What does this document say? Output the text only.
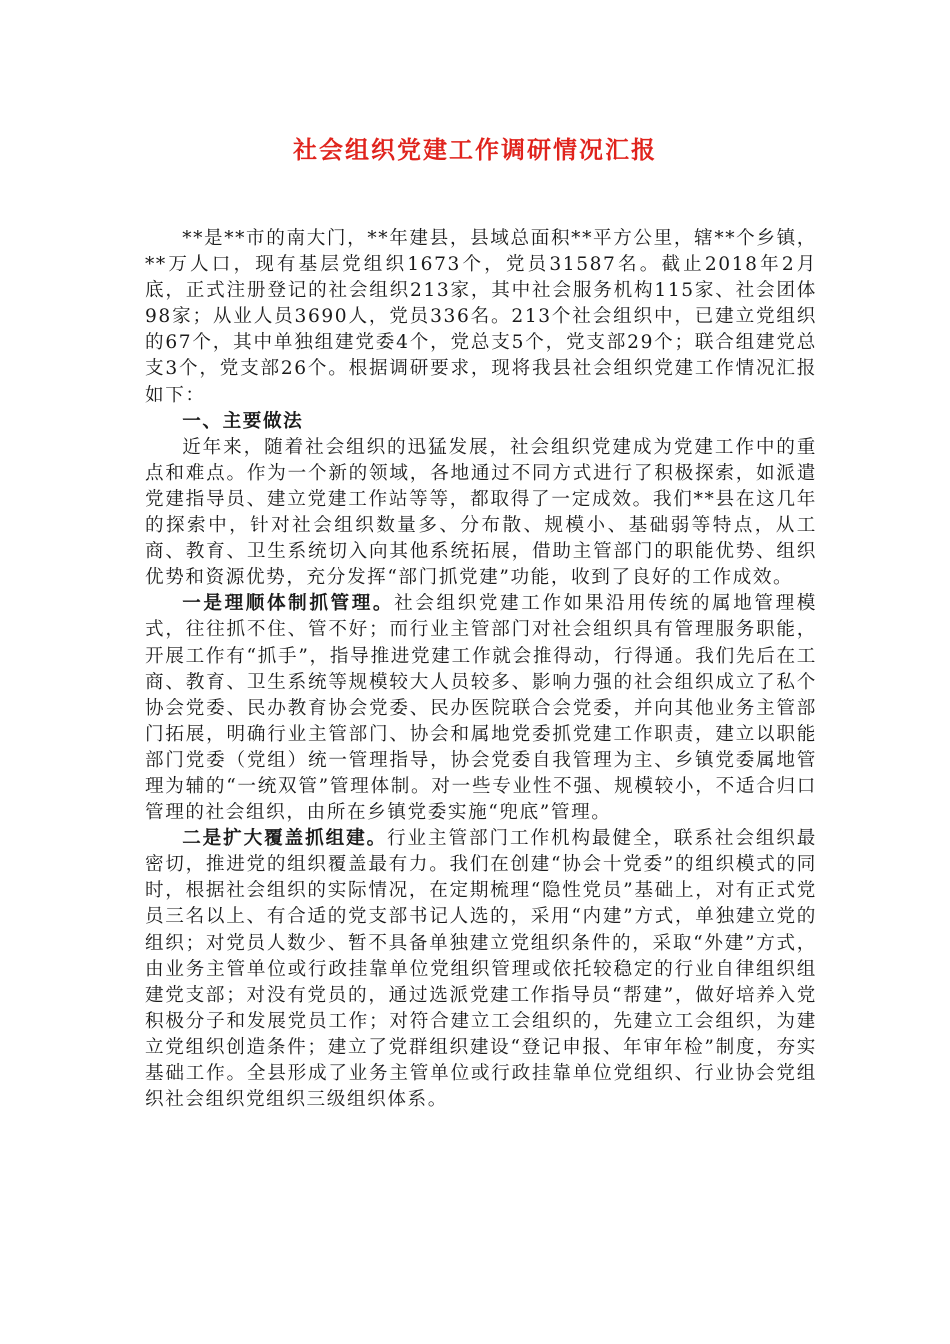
社会组织党建工作调研情况汇报

**是**市的南大门，**年建县，县域总面积**平方公里，辖**个乡镇，**万人口，现有基层党组织1673个，党员31587名。截止2018年2月底，正式注册登记的社会组织213家，其中社会服务机构115家、社会团体98家；从业人员3690人，党员336名。213个社会组织中，已建立党组织的67个，其中单独组建党委4个，党总支5个，党支部29个；联合组建党总支3个，党支部26个。根据调研要求，现将我县社会组织党建工作情况汇报如下：

一、主要做法

近年来，随着社会组织的迅猛发展，社会组织党建成为党建工作中的重点和难点。作为一个新的领域，各地通过不同方式进行了积极探索，如派遣党建指导员、建立党建工作站等等，都取得了一定成效。我们**县在这几年的探索中，针对社会组织数量多、分布散、规模小、基础弱等特点，从工商、教育、卫生系统切入向其他系统拓展，借助主管部门的职能优势、组织优势和资源优势，充分发挥“部门抓党建”功能，收到了良好的工作成效。

一是理顺体制抓管理。社会组织党建工作如果沿用传统的属地管理模式，往往抓不住、管不好；而行业主管部门对社会组织具有管理服务职能，开展工作有“抓手”，指导推进党建工作就会推得动，行得通。我们先后在工商、教育、卫生系统等规模较大人员较多、影响力强的社会组织成立了私个协会党委、民办教育协会党委、民办医院联合会党委，并向其他业务主管部门拓展，明确行业主管部门、协会和属地党委抓党建工作职责，建立以职能部门党委（党组）统一管理指导，协会党委自我管理为主、乡镇党委属地管理为辅的“一统双管”管理体制。对一些专业性不强、规模较小，不适合归口管理的社会组织，由所在乡镇党委实施“兜底”管理。

二是扩大覆盖抓组建。行业主管部门工作机构最健全，联系社会组织最密切，推进党的组织覆盖最有力。我们在创建“协会十党委”的组织模式的同时，根据社会组织的实际情况，在定期梳理“隐性党员”基础上，对有正式党员三名以上、有合适的党支部书记人选的，采用“内建”方式，单独建立党的组织；对党员人数少、暂不具备单独建立党组织条件的，采取“外建”方式，由业务主管单位或行政挂靠单位党组织管理或依托较稳定的行业自律组织组建党支部；对没有党员的，通过选派党建工作指导员“帮建”，做好培养入党积极分子和发展党员工作；对符合建立工会组织的，先建立工会组织，为建立党组织创造条件；建立了党群组织建设“登记申报、年审年检”制度，夯实基础工作。全县形成了业务主管单位或行政挂靠单位党组织、行业协会党组织社会组织党组织三级组织体系。
